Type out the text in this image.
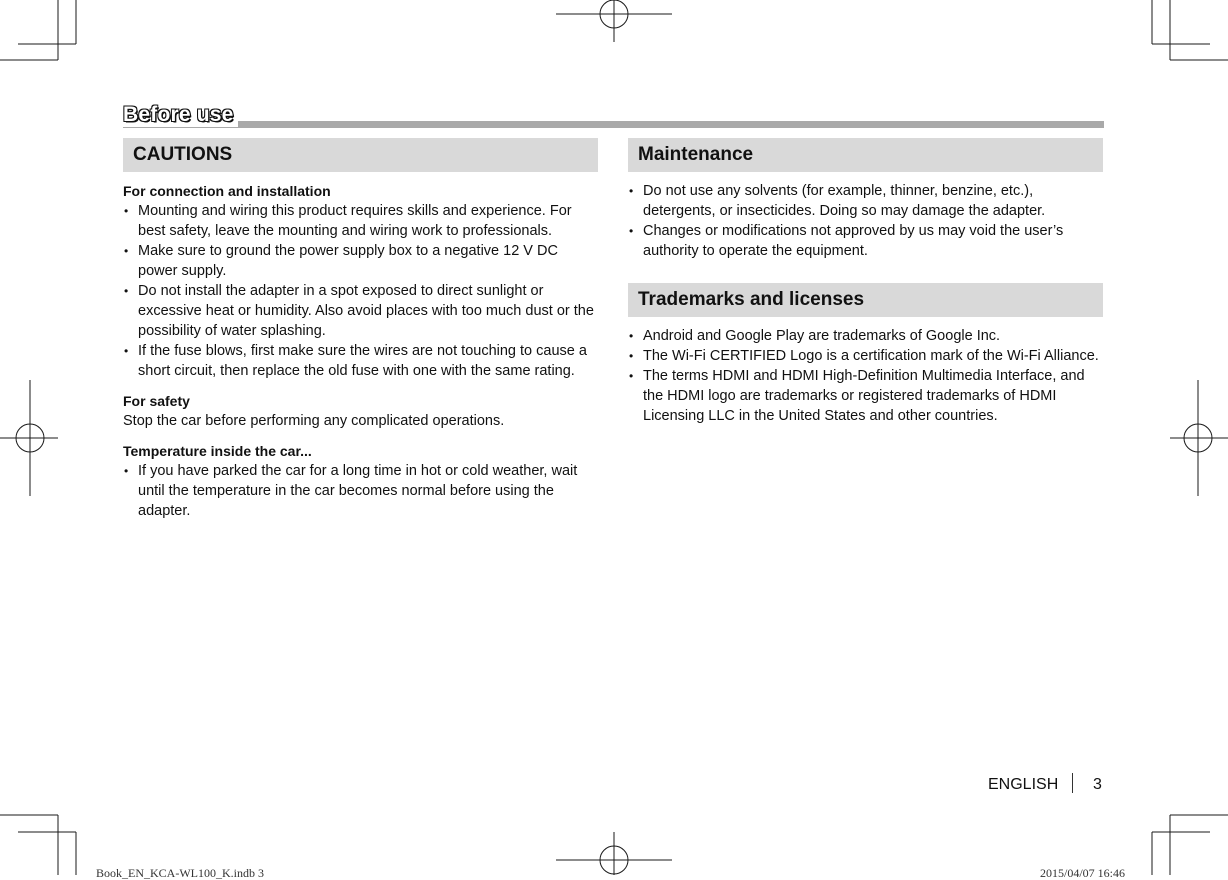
Before use
CAUTIONS

For connection and installation

• Mounting and wiring this product requires skills and experience. For best safety, leave the mounting and wiring work to professionals.
• Make sure to ground the power supply box to a negative 12 V DC power supply.
• Do not install the adapter in a spot exposed to direct sunlight or excessive heat or humidity. Also avoid places with too much dust or the possibility of water splashing.
• If the fuse blows, first make sure the wires are not touching to cause a short circuit, then replace the old fuse with one with the same rating.

For safety

Stop the car before performing any complicated operations.

Temperature inside the car...

• If you have parked the car for a long time in hot or cold weather, wait until the temperature in the car becomes normal before using the adapter.
Maintenance
• Do not use any solvents (for example, thinner, benzine, etc.), detergents, or insecticides. Doing so may damage the adapter.
• Changes or modifications not approved by us may void the user’s authority to operate the equipment.
Trademarks and licenses
• Android and Google Play are trademarks of Google Inc.
• The Wi-Fi CERTIFIED Logo is a certification mark of the Wi-Fi Alliance.
• The terms HDMI and HDMI High-Definition Multimedia Interface, and the HDMI logo are trademarks or registered trademarks of HDMI Licensing LLC in the United States and other countries.
ENGLISH 3
Book_EN_KCA-WL100_K.indb 3	2015/04/07 16:46
